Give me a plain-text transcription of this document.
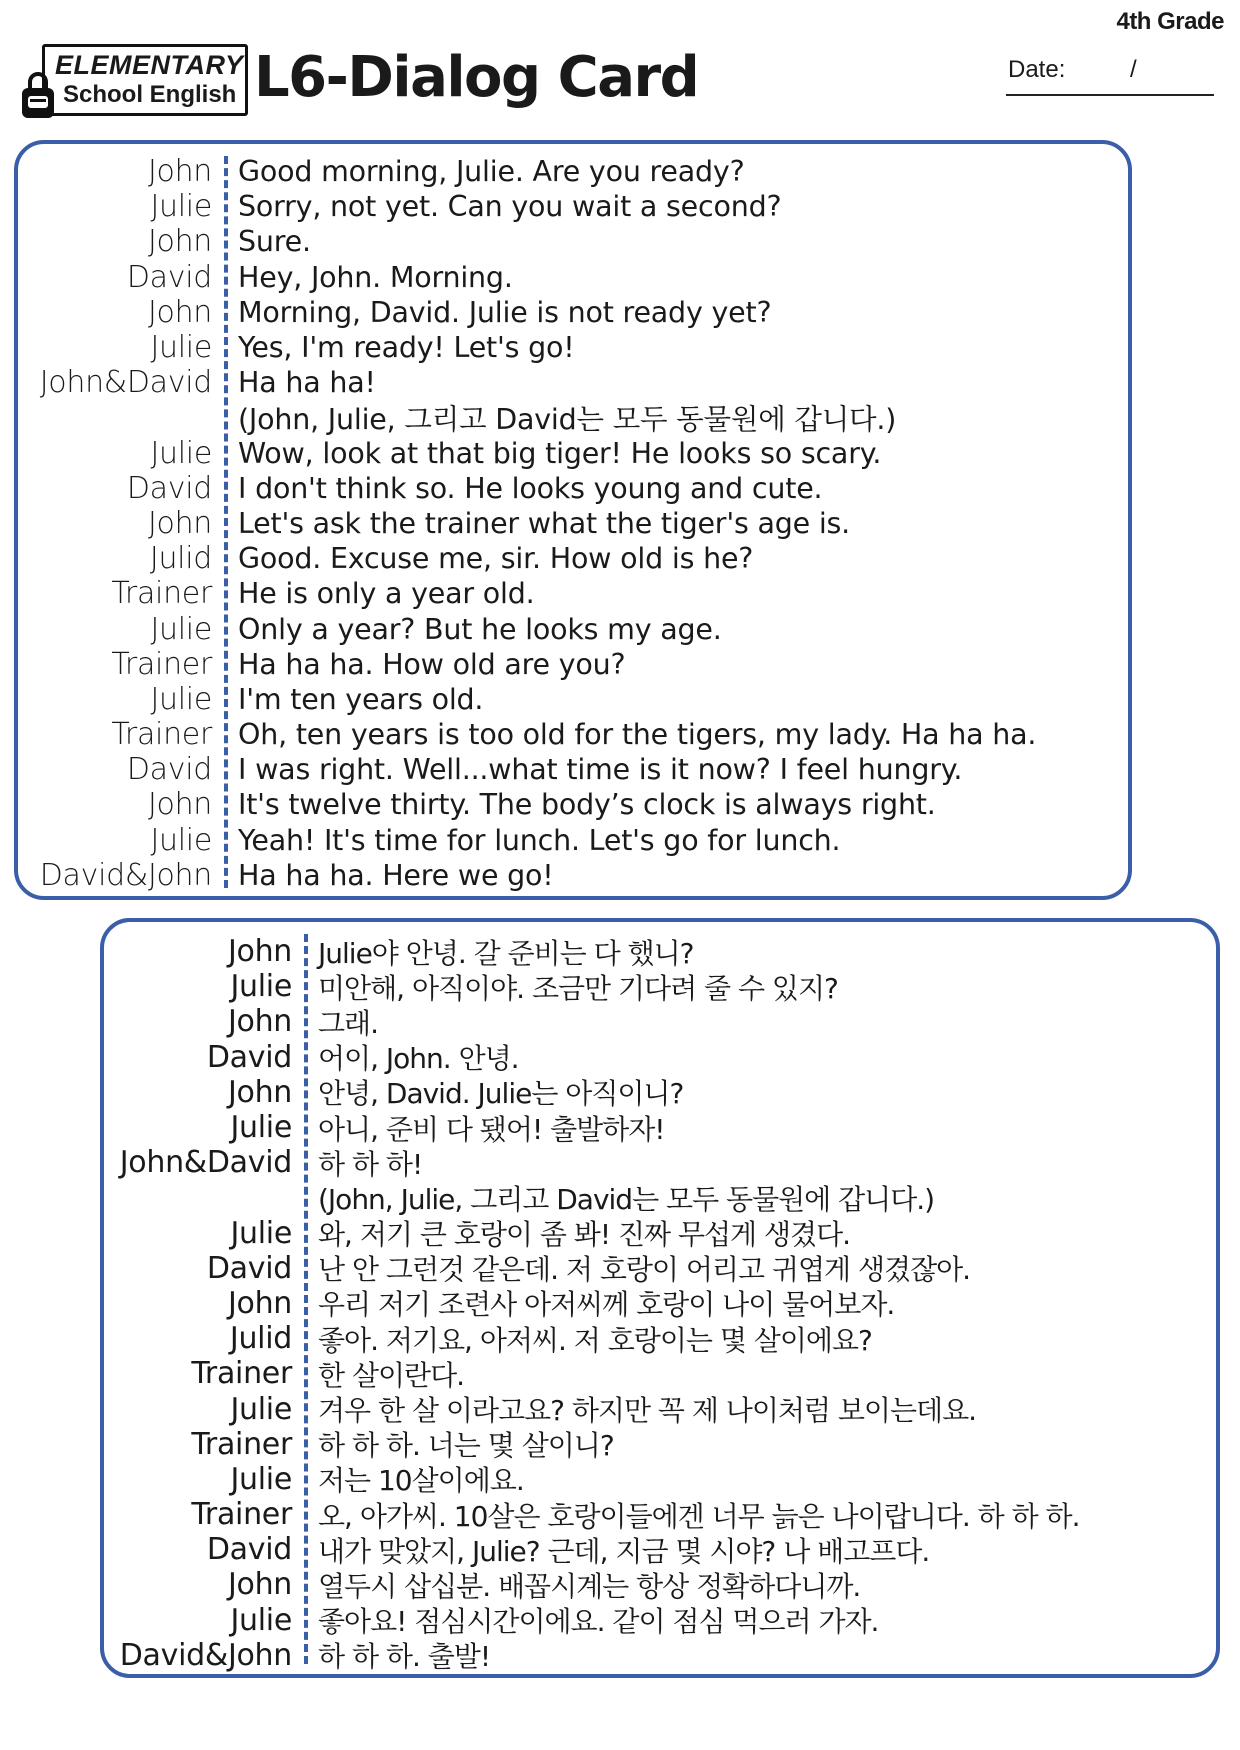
4th Grade
ELEMENTARY
School English L6-Dialog Card	Date:	/
John Good morning, Julie. Are you ready?
Julie Sorry, not yet. Can you wait a second?
John Sure.
David Hey, John. Morning.
John Morning, David. Julie is not ready yet?
Julie Yes, I'm ready! Let's go!
John&David Ha ha ha!
(John, Julie, 그리고 David는 모두 동물원에 갑니다.)
Julie Wow, look at that big tiger! He looks so scary.
David I don't think so. He looks young and cute.
John Let's ask the trainer what the tiger's age is.
Julid Good. Excuse me, sir. How old is he?
Trainer He is only a year old.
Julie Only a year? But he looks my age.
Trainer Ha ha ha. How old are you?
Julie I'm ten years old.
Trainer Oh, ten years is too old for the tigers, my lady. Ha ha ha.
David I was right. Well...what time is it now? I feel hungry.
John It's twelve thirty. The body’s clock is always right.
Julie Yeah! It's time for lunch. Let's go for lunch.
David&John Ha ha ha. Here we go!
John Julie야 안녕. 갈 준비는 다 했니?
Julie 미안해, 아직이야. 조금만 기다려 줄 수 있지?
John 그래.
David 어이, John. 안녕.
John 안녕, David. Julie는 아직이니?
Julie 아니, 준비 다 됐어! 출발하자!
John&David 하 하 하!
(John, Julie, 그리고 David는 모두 동물원에 갑니다.)
Julie 와, 저기 큰 호랑이 좀 봐! 진짜 무섭게 생겼다.
David 난 안 그런것 같은데. 저 호랑이 어리고 귀엽게 생겼잖아.
John 우리 저기 조련사 아저씨께 호랑이 나이 물어보자.
Julid 좋아. 저기요, 아저씨. 저 호랑이는 몇 살이에요?
Trainer 한 살이란다.
Julie 겨우 한 살 이라고요? 하지만 꼭 제 나이처럼 보이는데요.
Trainer 하 하 하. 너는 몇 살이니?
Julie 저는 10살이에요.
Trainer 오, 아가씨. 10살은 호랑이들에겐 너무 늙은 나이랍니다. 하 하 하.
David 내가 맞았지, Julie? 근데, 지금 몇 시야? 나 배고프다.
John 열두시 삽십분. 배꼽시계는 항상 정확하다니까.
Julie 좋아요! 점심시간이에요. 같이 점심 먹으러 가자.
David&John 하 하 하. 출발!
